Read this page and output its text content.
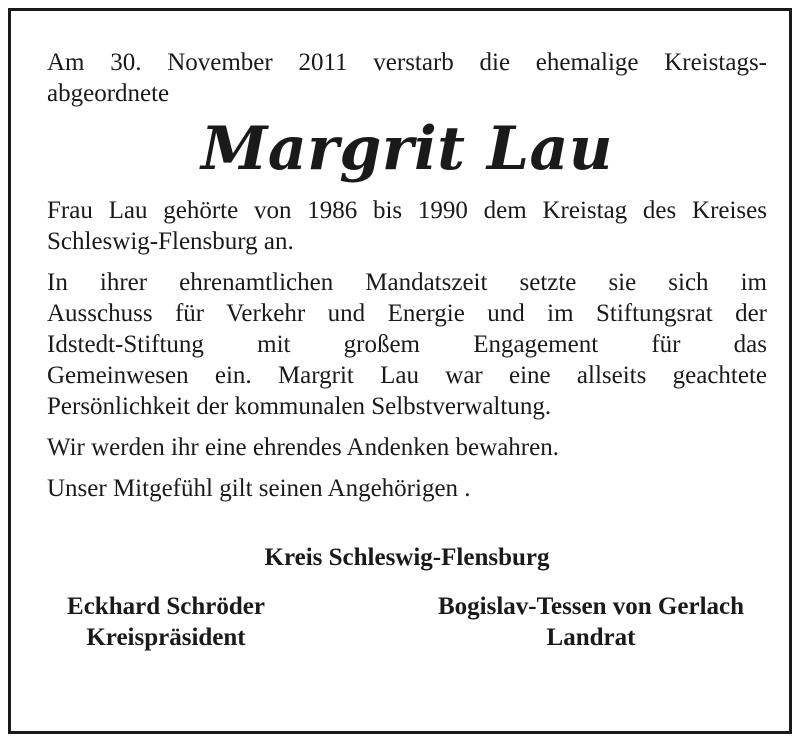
Am 30. November 2011 verstarb die ehemalige Kreistags-

abgeordnete

Margrit Lau

Frau Lau gehörte von 1986 bis 1990 dem Kreistag des Kreises Schleswig-Flensburg an.

In ihrer ehrenamtlichen Mandatszeit setzte sie sich im

Ausschuss für Verkehr und Energie und im Stiftungsrat der

Idstedt-Stiftung mit großem Engagement für das

Gemeinwesen ein. Margrit Lau war eine allseits geachtete

Persönlichkeit der kommunalen Selbstverwaltung.

Wir werden ihr eine ehrendes Andenken bewahren.

Unser Mitgefühl gilt seinen Angehörigen .

Kreis Schleswig-Flensburg
Eckhard Schröder
Kreispräsident
Bogislav-Tessen von Gerlach
Landrat
